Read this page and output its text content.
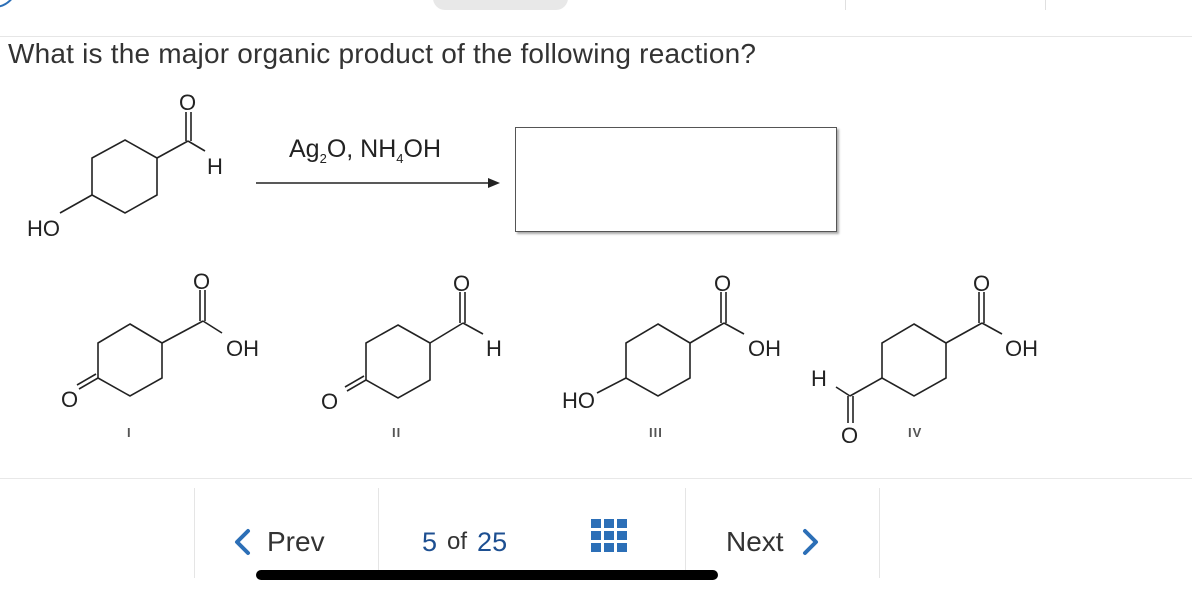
What is the major organic product of the following reaction?
O
H
HO
O
O
OH
O
O
H
HO
O
OH
H
O
O
OH
$Ag_2O$, $NH_4OH$
I	II	III	IV
Prev	5 of 25	Next
